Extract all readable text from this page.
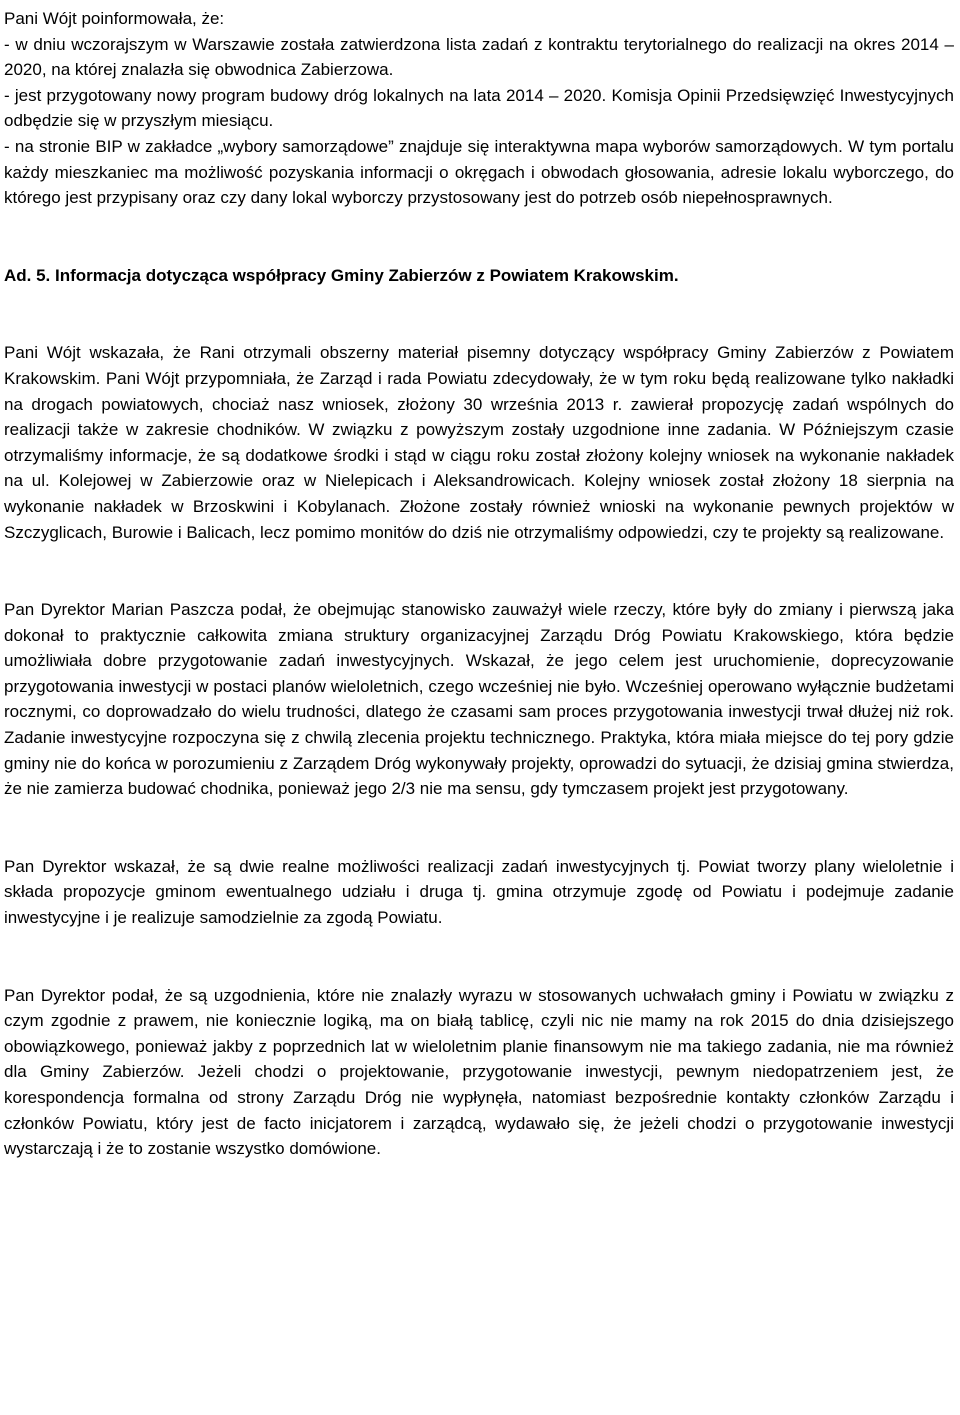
Pani Wójt poinformowała, że:

- w dniu wczorajszym w Warszawie została zatwierdzona lista zadań z kontraktu terytorialnego do realizacji na okres 2014 – 2020, na której znalazła się obwodnica Zabierzowa.

- jest przygotowany nowy program budowy dróg lokalnych na lata 2014 – 2020. Komisja Opinii Przedsięwzięć Inwestycyjnych odbędzie się w przyszłym miesiącu.

- na stronie BIP w zakładce „wybory samorządowe” znajduje się interaktywna mapa wyborów samorządowych. W tym portalu każdy mieszkaniec ma możliwość pozyskania informacji o okręgach i obwodach głosowania, adresie lokalu wyborczego, do którego jest przypisany oraz czy dany lokal wyborczy przystosowany jest do potrzeb osób niepełnosprawnych.

Ad. 5. Informacja dotycząca współpracy Gminy Zabierzów z Powiatem Krakowskim.

Pani Wójt wskazała, że Rani otrzymali obszerny materiał pisemny dotyczący współpracy Gminy Zabierzów z Powiatem Krakowskim. Pani Wójt przypomniała, że Zarząd i rada Powiatu zdecydowały, że w tym roku będą realizowane tylko nakładki na drogach powiatowych, chociaż nasz wniosek, złożony 30 września 2013 r. zawierał propozycję zadań wspólnych do realizacji także w zakresie chodników. W związku z powyższym zostały uzgodnione inne zadania. W Późniejszym czasie otrzymaliśmy informacje, że są dodatkowe środki i stąd w ciągu roku został złożony kolejny wniosek na wykonanie nakładek na ul. Kolejowej w Zabierzowie oraz w Nielepicach i Aleksandrowicach. Kolejny wniosek został złożony 18 sierpnia na wykonanie nakładek w Brzoskwini i Kobylanach. Złożone zostały również wnioski na wykonanie pewnych projektów w Szczyglicach, Burowie i Balicach, lecz pomimo monitów do dziś nie otrzymaliśmy odpowiedzi, czy te projekty są realizowane.

Pan Dyrektor Marian Paszcza podał, że obejmując stanowisko zauważył wiele rzeczy, które były do zmiany i pierwszą jaka dokonał to praktycznie całkowita zmiana struktury organizacyjnej Zarządu Dróg Powiatu Krakowskiego, która będzie umożliwiała dobre przygotowanie zadań inwestycyjnych. Wskazał, że jego celem jest uruchomienie, doprecyzowanie przygotowania inwestycji w postaci planów wieloletnich, czego wcześniej nie było. Wcześniej operowano wyłącznie budżetami rocznymi, co doprowadzało do wielu trudności, dlatego że czasami sam proces przygotowania inwestycji trwał dłużej niż rok. Zadanie inwestycyjne rozpoczyna się z chwilą zlecenia projektu technicznego. Praktyka, która miała miejsce do tej pory gdzie gminy nie do końca w porozumieniu z Zarządem Dróg wykonywały projekty, oprowadzi do sytuacji, że dzisiaj gmina stwierdza, że nie zamierza budować chodnika, ponieważ jego 2/3 nie ma sensu, gdy tymczasem projekt jest przygotowany.

Pan Dyrektor wskazał, że są dwie realne możliwości realizacji zadań inwestycyjnych tj. Powiat tworzy plany wieloletnie i składa propozycje gminom ewentualnego udziału i druga tj. gmina otrzymuje zgodę od Powiatu i podejmuje zadanie inwestycyjne i je realizuje samodzielnie za zgodą Powiatu.

Pan Dyrektor podał, że są uzgodnienia, które nie znalazły wyrazu w stosowanych uchwałach gminy i Powiatu w związku z czym zgodnie z prawem, nie koniecznie logiką, ma on białą tablicę, czyli nic nie mamy na rok 2015 do dnia dzisiejszego obowiązkowego, ponieważ jakby z poprzednich lat w wieloletnim planie finansowym nie ma takiego zadania, nie ma również dla Gminy Zabierzów. Jeżeli chodzi o projektowanie, przygotowanie inwestycji, pewnym niedopatrzeniem jest, że korespondencja formalna od strony Zarządu Dróg nie wypłynęła, natomiast bezpośrednie kontakty członków Zarządu i członków Powiatu, który jest de facto inicjatorem i zarządcą, wydawało się, że jeżeli chodzi o przygotowanie inwestycji wystarczają i że to zostanie wszystko domówione.
